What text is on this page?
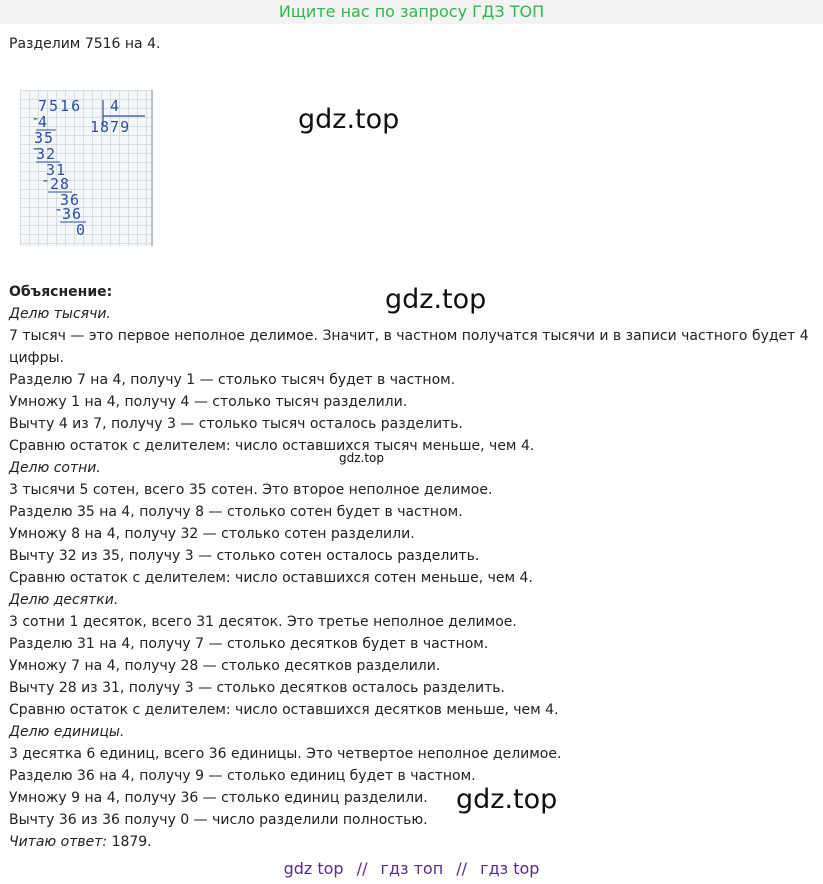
Ищите нас по запросу ГДЗ ТОП
Разделим 7516 на 4.
7516 4
1879
-
4
35
-
32
31
- 28
36
-
36
0
gdz.top
gdz.top
gdz.top
gdz.top

Объяснение:

Делю тысячи.

7 тысяч — это первое неполное делимое. Значит, в частном получатся тысячи и в записи частного будет 4 цифры.

Разделю 7 на 4, получу 1 — столько тысяч будет в частном.

Умножу 1 на 4, получу 4 — столько тысяч разделили.

Вычту 4 из 7, получу 3 — столько тысяч осталось разделить.

Сравню остаток с делителем: число оставшихся тысяч меньше, чем 4.

Делю сотни.

3 тысячи 5 сотен, всего 35 сотен. Это второе неполное делимое.

Разделю 35 на 4, получу 8 — столько сотен будет в частном.

Умножу 8 на 4, получу 32 — столько сотен разделили.

Вычту 32 из 35, получу 3 — столько сотен осталось разделить.

Сравню остаток с делителем: число оставшихся сотен меньше, чем 4.

Делю десятки.

3 сотни 1 десяток, всего 31 десяток. Это третье неполное делимое.

Разделю 31 на 4, получу 7 — столько десятков будет в частном.

Умножу 7 на 4, получу 28 — столько десятков разделили.

Вычту 28 из 31, получу 3 — столько десятков осталось разделить.

Сравню остаток с делителем: число оставшихся десятков меньше, чем 4.

Делю единицы.

3 десятка 6 единиц, всего 36 единицы. Это четвертое неполное делимое.

Разделю 36 на 4, получу 9 — столько единиц будет в частном.

Умножу 9 на 4, получу 36 — столько единиц разделили.

Вычту 36 из 36 получу 0 — число разделили полностью.

Читаю ответ: 1879.

gdz top // гдз топ // гдз top
